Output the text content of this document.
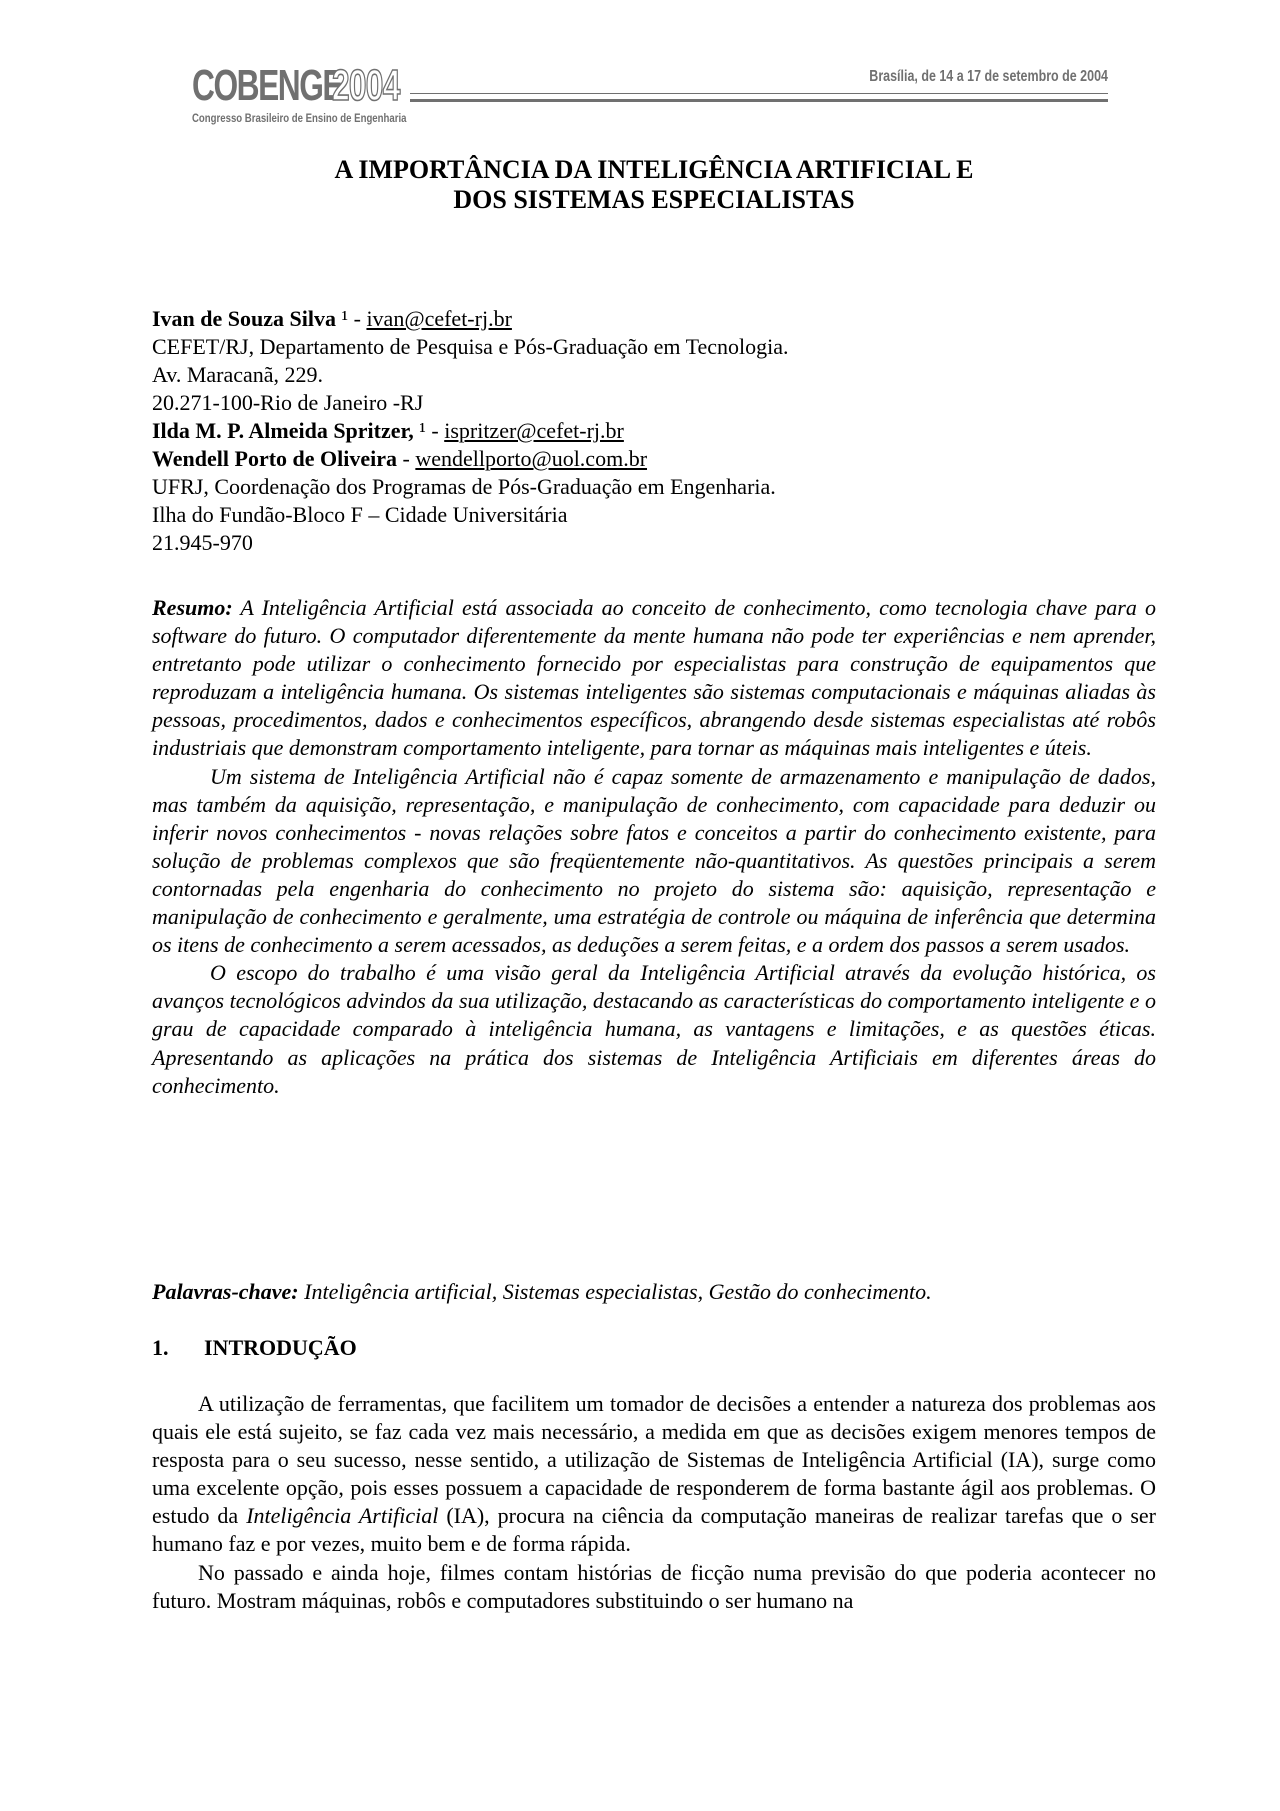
COBENGE
2004
Congresso Brasileiro de Ensino de Engenharia
Brasília, de 14 a 17 de setembro de 2004
A IMPORTÂNCIA DA INTELIGÊNCIA ARTIFICIAL E
DOS SISTEMAS ESPECIALISTAS
Ivan de Souza Silva ¹ - ivan@cefet-rj.br
CEFET/RJ, Departamento de Pesquisa e Pós-Graduação em Tecnologia.
Av. Maracanã, 229.
20.271-100-Rio de Janeiro -RJ
Ilda M. P. Almeida Spritzer, ¹ - ispritzer@cefet-rj.br
Wendell Porto de Oliveira - wendellporto@uol.com.br
UFRJ, Coordenação dos Programas de Pós-Graduação em Engenharia.
Ilha do Fundão-Bloco F – Cidade Universitária
21.945-970

Resumo: A Inteligência Artificial está associada ao conceito de conhecimento, como tecnologia chave para o software do futuro. O computador diferentemente da mente humana não pode ter experiências e nem aprender, entretanto pode utilizar o conhecimento fornecido por especialistas para construção de equipamentos que reproduzam a inteligência humana. Os sistemas inteligentes são sistemas computacionais e máquinas aliadas às pessoas, procedimentos, dados e conhecimentos específicos, abrangendo desde sistemas especialistas até robôs industriais que demonstram comportamento inteligente, para tornar as máquinas mais inteligentes e úteis.

Um sistema de Inteligência Artificial não é capaz somente de armazenamento e manipulação de dados, mas também da aquisição, representação, e manipulação de conhecimento, com capacidade para deduzir ou inferir novos conhecimentos - novas relações sobre fatos e conceitos a partir do conhecimento existente, para solução de problemas complexos que são freqüentemente não-quantitativos. As questões principais a serem contornadas pela engenharia do conhecimento no projeto do sistema são: aquisição, representação e manipulação de conhecimento e geralmente, uma estratégia de controle ou máquina de inferência que determina os itens de conhecimento a serem acessados, as deduções a serem feitas, e a ordem dos passos a serem usados.

O escopo do trabalho é uma visão geral da Inteligência Artificial através da evolução histórica, os avanços tecnológicos advindos da sua utilização, destacando as características do comportamento inteligente e o grau de capacidade comparado à inteligência humana, as vantagens e limitações, e as questões éticas. Apresentando as aplicações na prática dos sistemas de Inteligência Artificiais em diferentes áreas do conhecimento.

Palavras-chave: Inteligência artificial, Sistemas especialistas, Gestão do conhecimento.
1. INTRODUÇÃO

A utilização de ferramentas, que facilitem um tomador de decisões a entender a natureza dos problemas aos quais ele está sujeito, se faz cada vez mais necessário, a medida em que as decisões exigem menores tempos de resposta para o seu sucesso, nesse sentido, a utilização de Sistemas de Inteligência Artificial (IA), surge como uma excelente opção, pois esses possuem a capacidade de responderem de forma bastante ágil aos problemas. O estudo da Inteligência Artificial (IA), procura na ciência da computação maneiras de realizar tarefas que o ser humano faz e por vezes, muito bem e de forma rápida.

No passado e ainda hoje, filmes contam histórias de ficção numa previsão do que poderia acontecer no futuro. Mostram máquinas, robôs e computadores substituindo o ser humano na
